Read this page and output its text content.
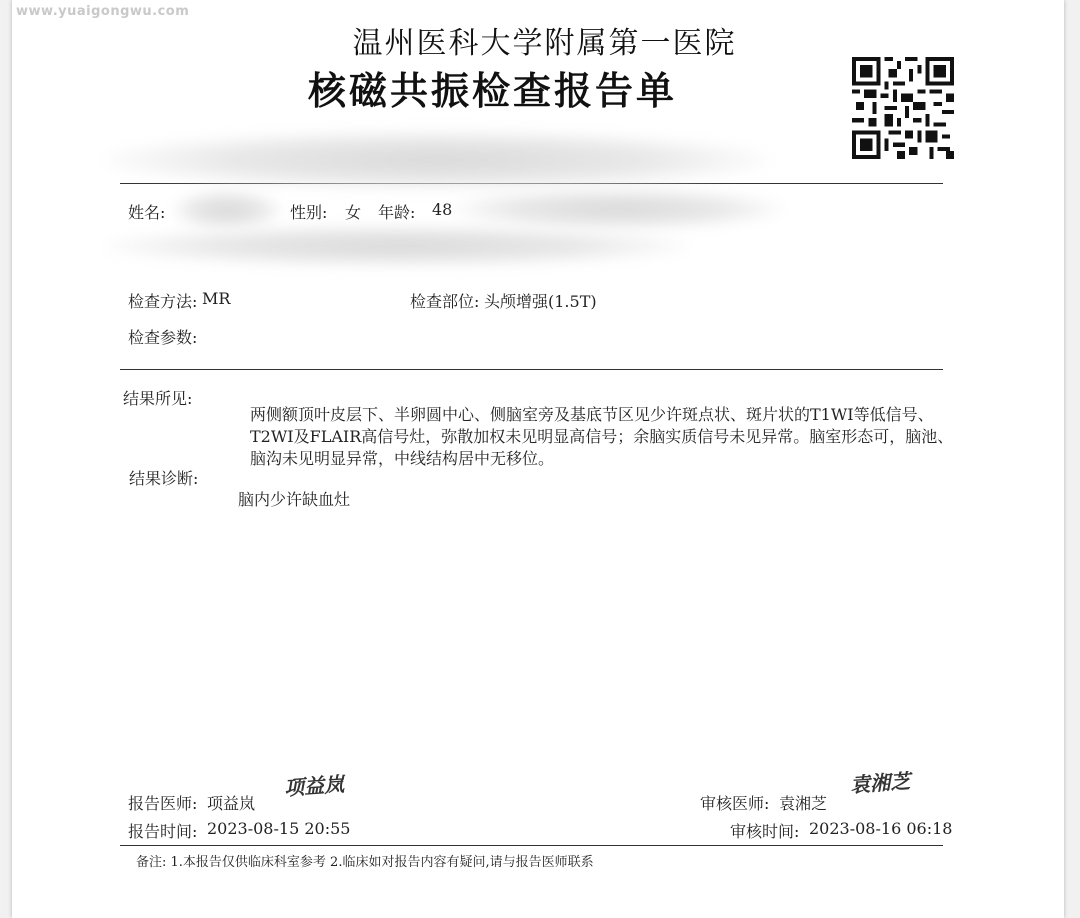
www.yuaigongwu.com
温州医科大学附属第一医院
核磁共振检查报告单
姓名:	性别: 女 年龄: 48
检查方法: MR	检查部位: 头颅增强(1.5T)
检查参数:
结果所见:
两侧额顶叶皮层下、半卵圆中心、侧脑室旁及基底节区见少许斑点状、斑片状的T1WI等低信号、T2WI及FLAIR高信号灶，弥散加权未见明显高信号；余脑实质信号未见异常。脑室形态可，脑池、脑沟未见明显异常，中线结构居中无移位。
结果诊断:
脑内少许缺血灶
项益岚
报告医师: 项益岚
袁湘芝
审核医师: 袁湘芝
报告时间: 2023-08-15 20:55	审核时间: 2023-08-16 06:18
备注: 1.本报告仅供临床科室参考 2.临床如对报告内容有疑问,请与报告医师联系
